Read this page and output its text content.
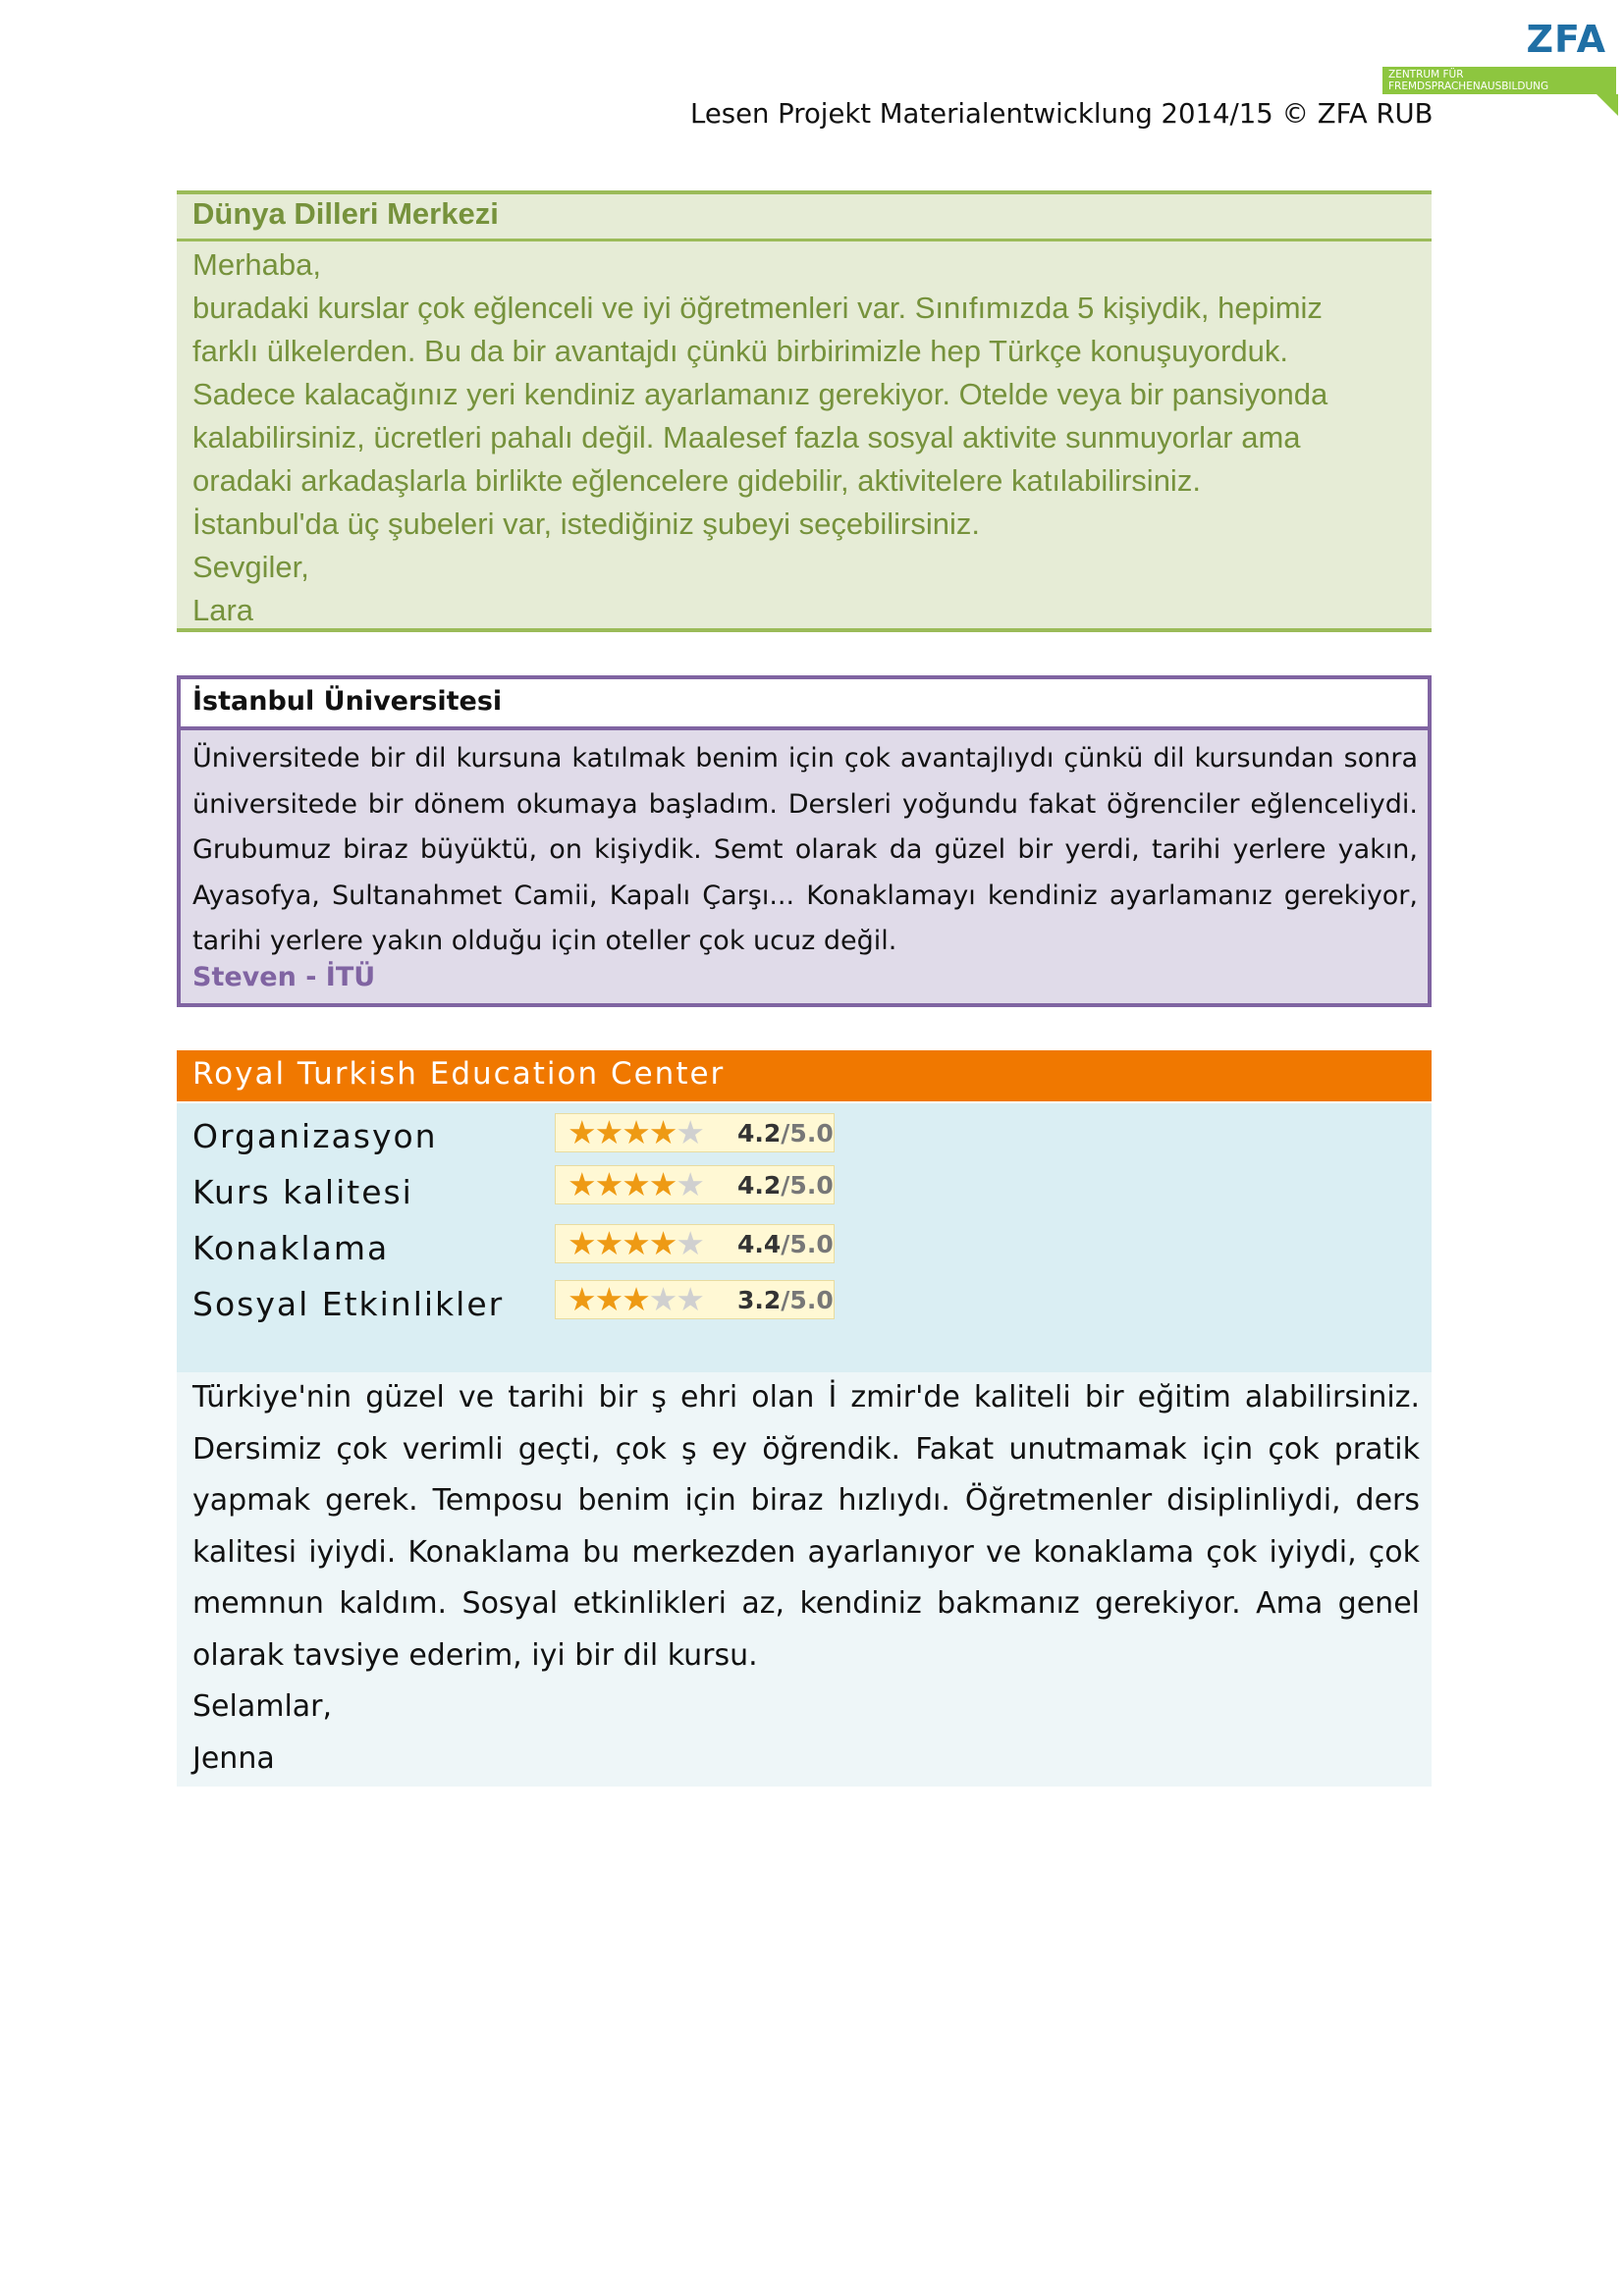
ZFA
ZENTRUM FÜR
FREMDSPRACHENAUSBILDUNG
Lesen Projekt Materialentwicklung 2014/15 © ZFA RUB
Dünya Dilleri Merkezi

Merhaba,

buradaki kurslar çok eğlenceli ve iyi öğretmenleri var. Sınıfımızda 5 kişiydik, hepimiz

farklı ülkelerden. Bu da bir avantajdı çünkü birbirimizle hep Türkçe konuşuyorduk.

Sadece kalacağınız yeri kendiniz ayarlamanız gerekiyor. Otelde veya bir pansiyonda

kalabilirsiniz, ücretleri pahalı değil. Maalesef fazla sosyal aktivite sunmuyorlar ama

oradaki arkadaşlarla birlikte eğlencelere gidebilir, aktivitelere katılabilirsiniz.

İstanbul'da üç şubeleri var, istediğiniz şubeyi seçebilirsiniz.

Sevgiler,

Lara

İstanbul Üniversitesi
Üniversitede bir dil kursuna katılmak benim için çok avantajlıydı çünkü dil kursundan sonra üniversitede bir dönem okumaya başladım. Dersleri yoğundu fakat öğrenciler eğlenceliydi. Grubumuz biraz büyüktü, on kişiydik. Semt olarak da güzel bir yerdi, tarihi yerlere yakın, Ayasofya, Sultanahmet Camii, Kapalı Çarşı... Konaklamayı kendiniz ayarlamanız gerekiyor, tarihi yerlere yakın olduğu için oteller çok ucuz değil.
Steven - İTÜ
Royal Turkish Education Center
Organizasyon	★★★★★ 4.2/5.0
Kurs kalitesi	★★★★★ 4.2/5.0
Konaklama	★★★★★ 4.4/5.0
Sosyal Etkinlikler ★★★★★ 3.2/5.0

Türkiye'nin güzel ve tarihi bir ş ehri olan İ zmir'de kaliteli bir eğitim alabilirsiniz. Dersimiz çok verimli geçti, çok ş ey öğrendik. Fakat unutmamak için çok pratik yapmak gerek. Temposu benim için biraz hızlıydı. Öğretmenler disiplinliydi, ders kalitesi iyiydi. Konaklama bu merkezden ayarlanıyor ve konaklama çok iyiydi, çok memnun kaldım. Sosyal etkinlikleri az, kendiniz bakmanız gerekiyor. Ama genel olarak tavsiye ederim, iyi bir dil kursu.

Selamlar,

Jenna
